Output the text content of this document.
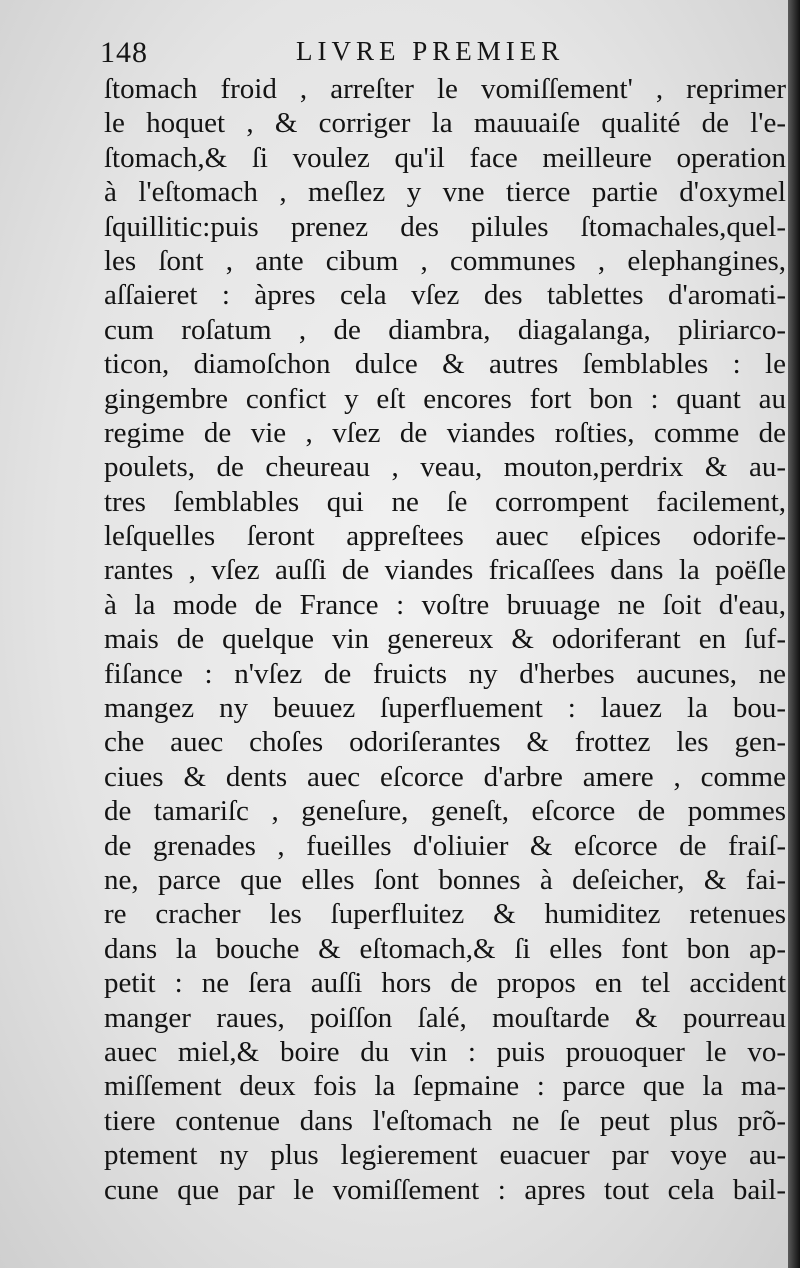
148	LIVRE PREMIER
ſtomach froid , arreſter le vomiſſement' , reprimer
le hoquet , & corriger la mauuaiſe qualité de l'e-
ſtomach,& ſi voulez qu'il face meilleure operation
à l'eſtomach , meſlez y vne tierce partie d'oxymel
ſquillitic:puis prenez des pilules ſtomachales,quel-
les ſont , ante cibum , communes , elephangines,
aſſaieret : àpres cela vſez des tablettes d'aromati-
cum roſatum , de diambra, diagalanga, pliriarco-
ticon, diamoſchon dulce & autres ſemblables : le
gingembre confict y eſt encores fort bon : quant au
regime de vie , vſez de viandes roſties, comme de
poulets, de cheureau , veau, mouton,perdrix & au-
tres ſemblables qui ne ſe corrompent facilement,
leſquelles ſeront appreſtees auec eſpices odorife-
rantes , vſez auſſi de viandes fricaſſees dans la poëſle
à la mode de France : voſtre bruuage ne ſoit d'eau,
mais de quelque vin genereux & odoriferant en ſuf-
fiſance : n'vſez de fruicts ny d'herbes aucunes, ne
mangez ny beuuez ſuperfluement : lauez la bou-
che auec choſes odoriſerantes & frottez les gen-
ciues & dents auec eſcorce d'arbre amere , comme
de tamariſc , geneſure, geneſt, eſcorce de pommes
de grenades , fueilles d'oliuier & eſcorce de fraiſ-
ne, parce que elles ſont bonnes à deſeicher, & fai-
re cracher les ſuperfluitez & humiditez retenues
dans la bouche & eſtomach,& ſi elles font bon ap-
petit : ne ſera auſſi hors de propos en tel accident
manger raues, poiſſon ſalé, mouſtarde & pourreau
auec miel,& boire du vin : puis prouoquer le vo-
miſſement deux fois la ſepmaine : parce que la ma-
tiere contenue dans l'eſtomach ne ſe peut plus prõ-
ptement ny plus legierement euacuer par voye au-
cune que par le vomiſſement : apres tout cela bail-
